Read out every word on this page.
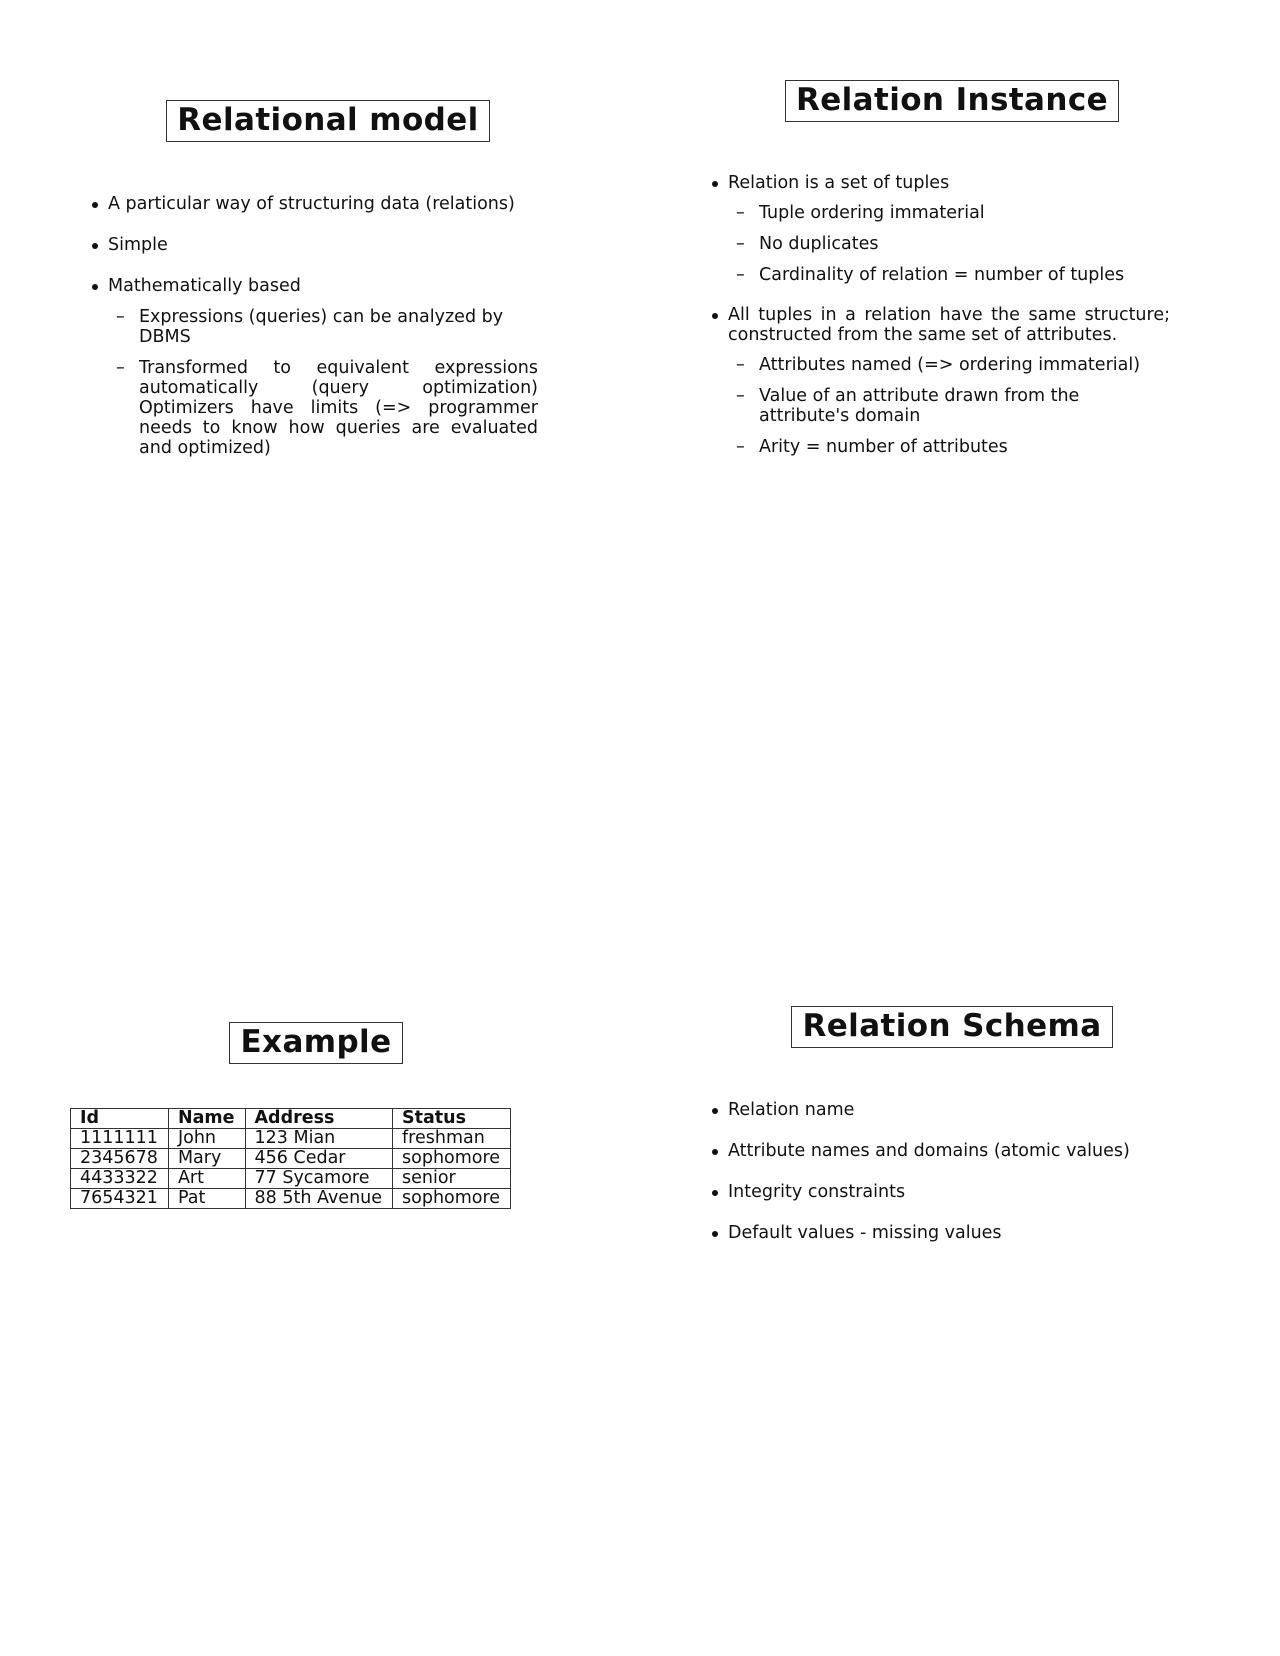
Relational model
A particular way of structuring data (relations)
Simple
Mathematically based
– Expressions (queries) can be analyzed by DBMS
– Transformed to equivalent expressions automatically (query optimization) Optimizers have limits (=> programmer needs to know how queries are evaluated and optimized)
Relation Instance
Relation is a set of tuples
– Tuple ordering immaterial
– No duplicates
– Cardinality of relation = number of tuples
All tuples in a relation have the same structure; constructed from the same set of attributes.
– Attributes named (=> ordering immaterial)
– Value of an attribute drawn from the attribute's domain
– Arity = number of attributes
Example
Id	Name	Address	Status
1111111	John	123 Mian	freshman
2345678	Mary	456 Cedar	sophomore
4433322	Art	77 Sycamore	senior
7654321	Pat	88 5th Avenue	sophomore
Relation Schema
Relation name
Attribute names and domains (atomic values)
Integrity constraints
Default values - missing values
